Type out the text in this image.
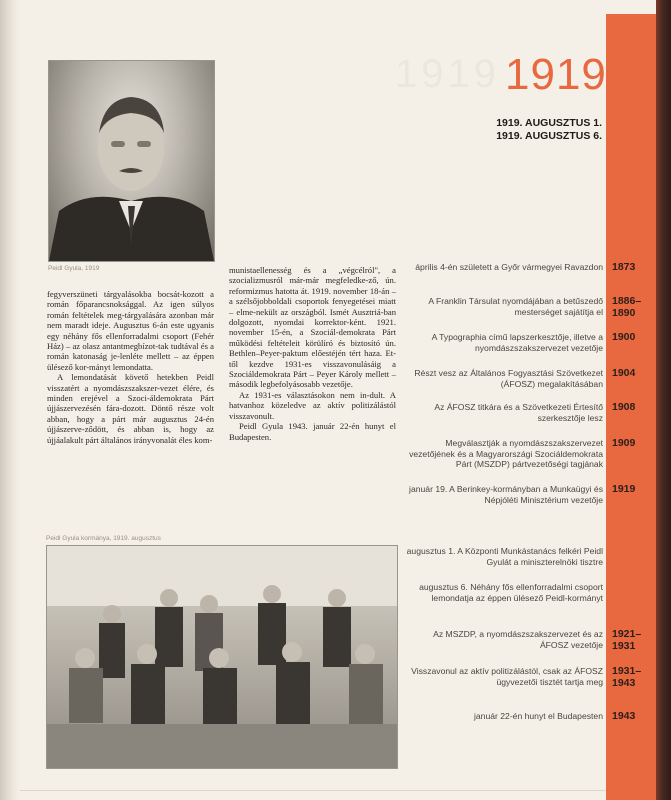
Peidl Gyula, 1919

fegyverszüneti tárgyalásokba bocsát-kozott a román főparancsnoksággal. Az igen súlyos román feltételek meg-tárgyalására azonban már nem maradt ideje. Augusztus 6-án este ugyanis egy néhány fős ellenforradalmi csoport (Fehér Ház) – az olasz antantmegbízot-tak tudtával és a román katonaság je-lenléte mellett – az éppen ülésező kor-mányt lemondatta.

A lemondatását követő hetekben Peidl visszatért a nyomdászszakszer-vezet élére, és minden erejével a Szoci-áldemokrata Párt újjászervezésén fára-dozott. Döntő része volt abban, hogy a párt már augusztus 24-én újjászerve-ződött, és abban is, hogy az újjáalakult párt általános irányvonalát éles kom-

munistaellenesség és a „végcélról", a szocializmusról már-már megfeledke-ző, ún. reformizmus hatotta át. 1919. november 18-án – a szélsőjobboldali csoportok fenyegetései miatt – elme-nekült az országból. Ismét Ausztriá-ban dolgozott, nyomdai korrektor-ként. 1921. november 15-én, a Szociál-demokrata Párt működési feltételeit körülíró és biztosító ún. Bethlen–Peyer-paktum előestéjén tért haza. Et-től kezdve 1931-es visszavonulásáig a Szociáldemokrata Párt – Peyer Károly mellett – második legbefolyásosabb vezetője.

Az 1931-es választásokon nem in-dult. A hatvanhoz közeledve az aktív politizálástól visszavonult.

Peidl Gyula 1943. január 22-én hunyt el Budapesten.

Peidl Gyula kormánya, 1919. augusztus
1919 1919
1919. AUGUSZTUS 1.
1919. AUGUSZTUS 6.
április 4-én született a Győr vármegyei Ravazdon 1873
A Franklin Társulat nyomdájában a betűszedő mesterséget sajátítja el
1886–
1890
A Typographia című lapszerkesztője, illetve a nyomdászszakszervezet vezetője
1900
Részt vesz az Általános Fogyasztási Szövetkezet (ÁFOSZ) megalakításában
1904
Az ÁFOSZ titkára és a Szövetkezeti Értesítő szerkesztője lesz
1908
Megválasztják a nyomdászszakszervezet vezetőjének és a Magyarországi Szociáldemokrata Párt (MSZDP) pártvezetőségi tagjának
1909
január 19. A Berinkey-kormányban a Munkaügyi és Népjóléti Minisztérium vezetője
1919
augusztus 1. A Központi Munkástanács felkéri Peidl Gyulát a miniszterelnöki tisztre
augusztus 6. Néhány fős ellenforradalmi csoport lemondatja az éppen ülésező Peidl-kormányt
Az MSZDP, a nyomdászszakszervezet és az ÁFOSZ vezetője
1921–
1931
Visszavonul az aktív politizálástól, csak az ÁFOSZ ügyvezetői tisztét tartja meg
1931–
1943
január 22-én hunyt el Budapesten 1943
